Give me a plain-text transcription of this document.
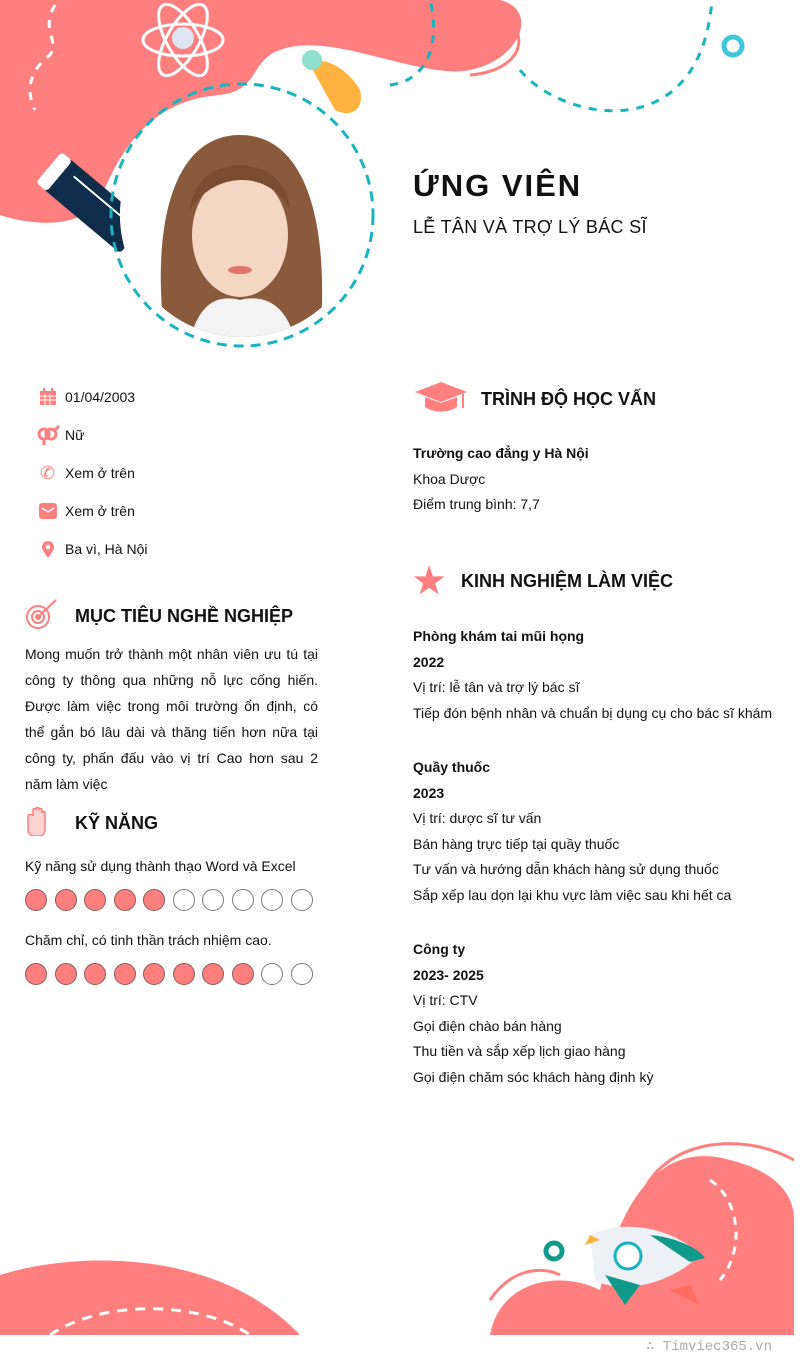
ỨNG VIÊN
LỄ TÂN VÀ TRỢ LÝ BÁC SĨ
01/04/2003
Nữ
✆ Xem ở trên
Xem ở trên
Ba vì, Hà Nội
MỤC TIÊU NGHỀ NGHIỆP
Mong muốn trở thành một nhân viên ưu tú tại công ty thông qua những nỗ lực cống hiến. Được làm việc trong môi trường ổn định, có thể gắn bó lâu dài và thăng tiến hơn nữa tại công ty, phấn đấu vào vị trí Cao hơn sau 2 năm làm việc
KỸ NĂNG
Kỹ năng sử dụng thành thạo Word và Excel
Chăm chỉ, có tinh thần trách nhiệm cao.
TRÌNH ĐỘ HỌC VẤN
Trường cao đẳng y Hà Nội
Khoa Dược
Điểm trung bình: 7,7
★ KINH NGHIỆM LÀM VIỆC
Phòng khám tai mũi họng
2022
Vị trí: lễ tân và trợ lý bác sĩ
Tiếp đón bệnh nhân và chuẩn bị dụng cụ cho bác sĩ khám
Quầy thuốc
2023
Vị trí: dược sĩ tư vấn
Bán hàng trực tiếp tại quầy thuốc
Tư vấn và hướng dẫn khách hàng sử dụng thuốc
Sắp xếp lau dọn lại khu vực làm việc sau khi hết ca
Công ty
2023- 2025
Vị trí: CTV
Gọi điện chào bán hàng
Thu tiền và sắp xếp lịch giao hàng
Gọi điện chăm sóc khách hàng định kỳ
∴ Timviec365.vn
